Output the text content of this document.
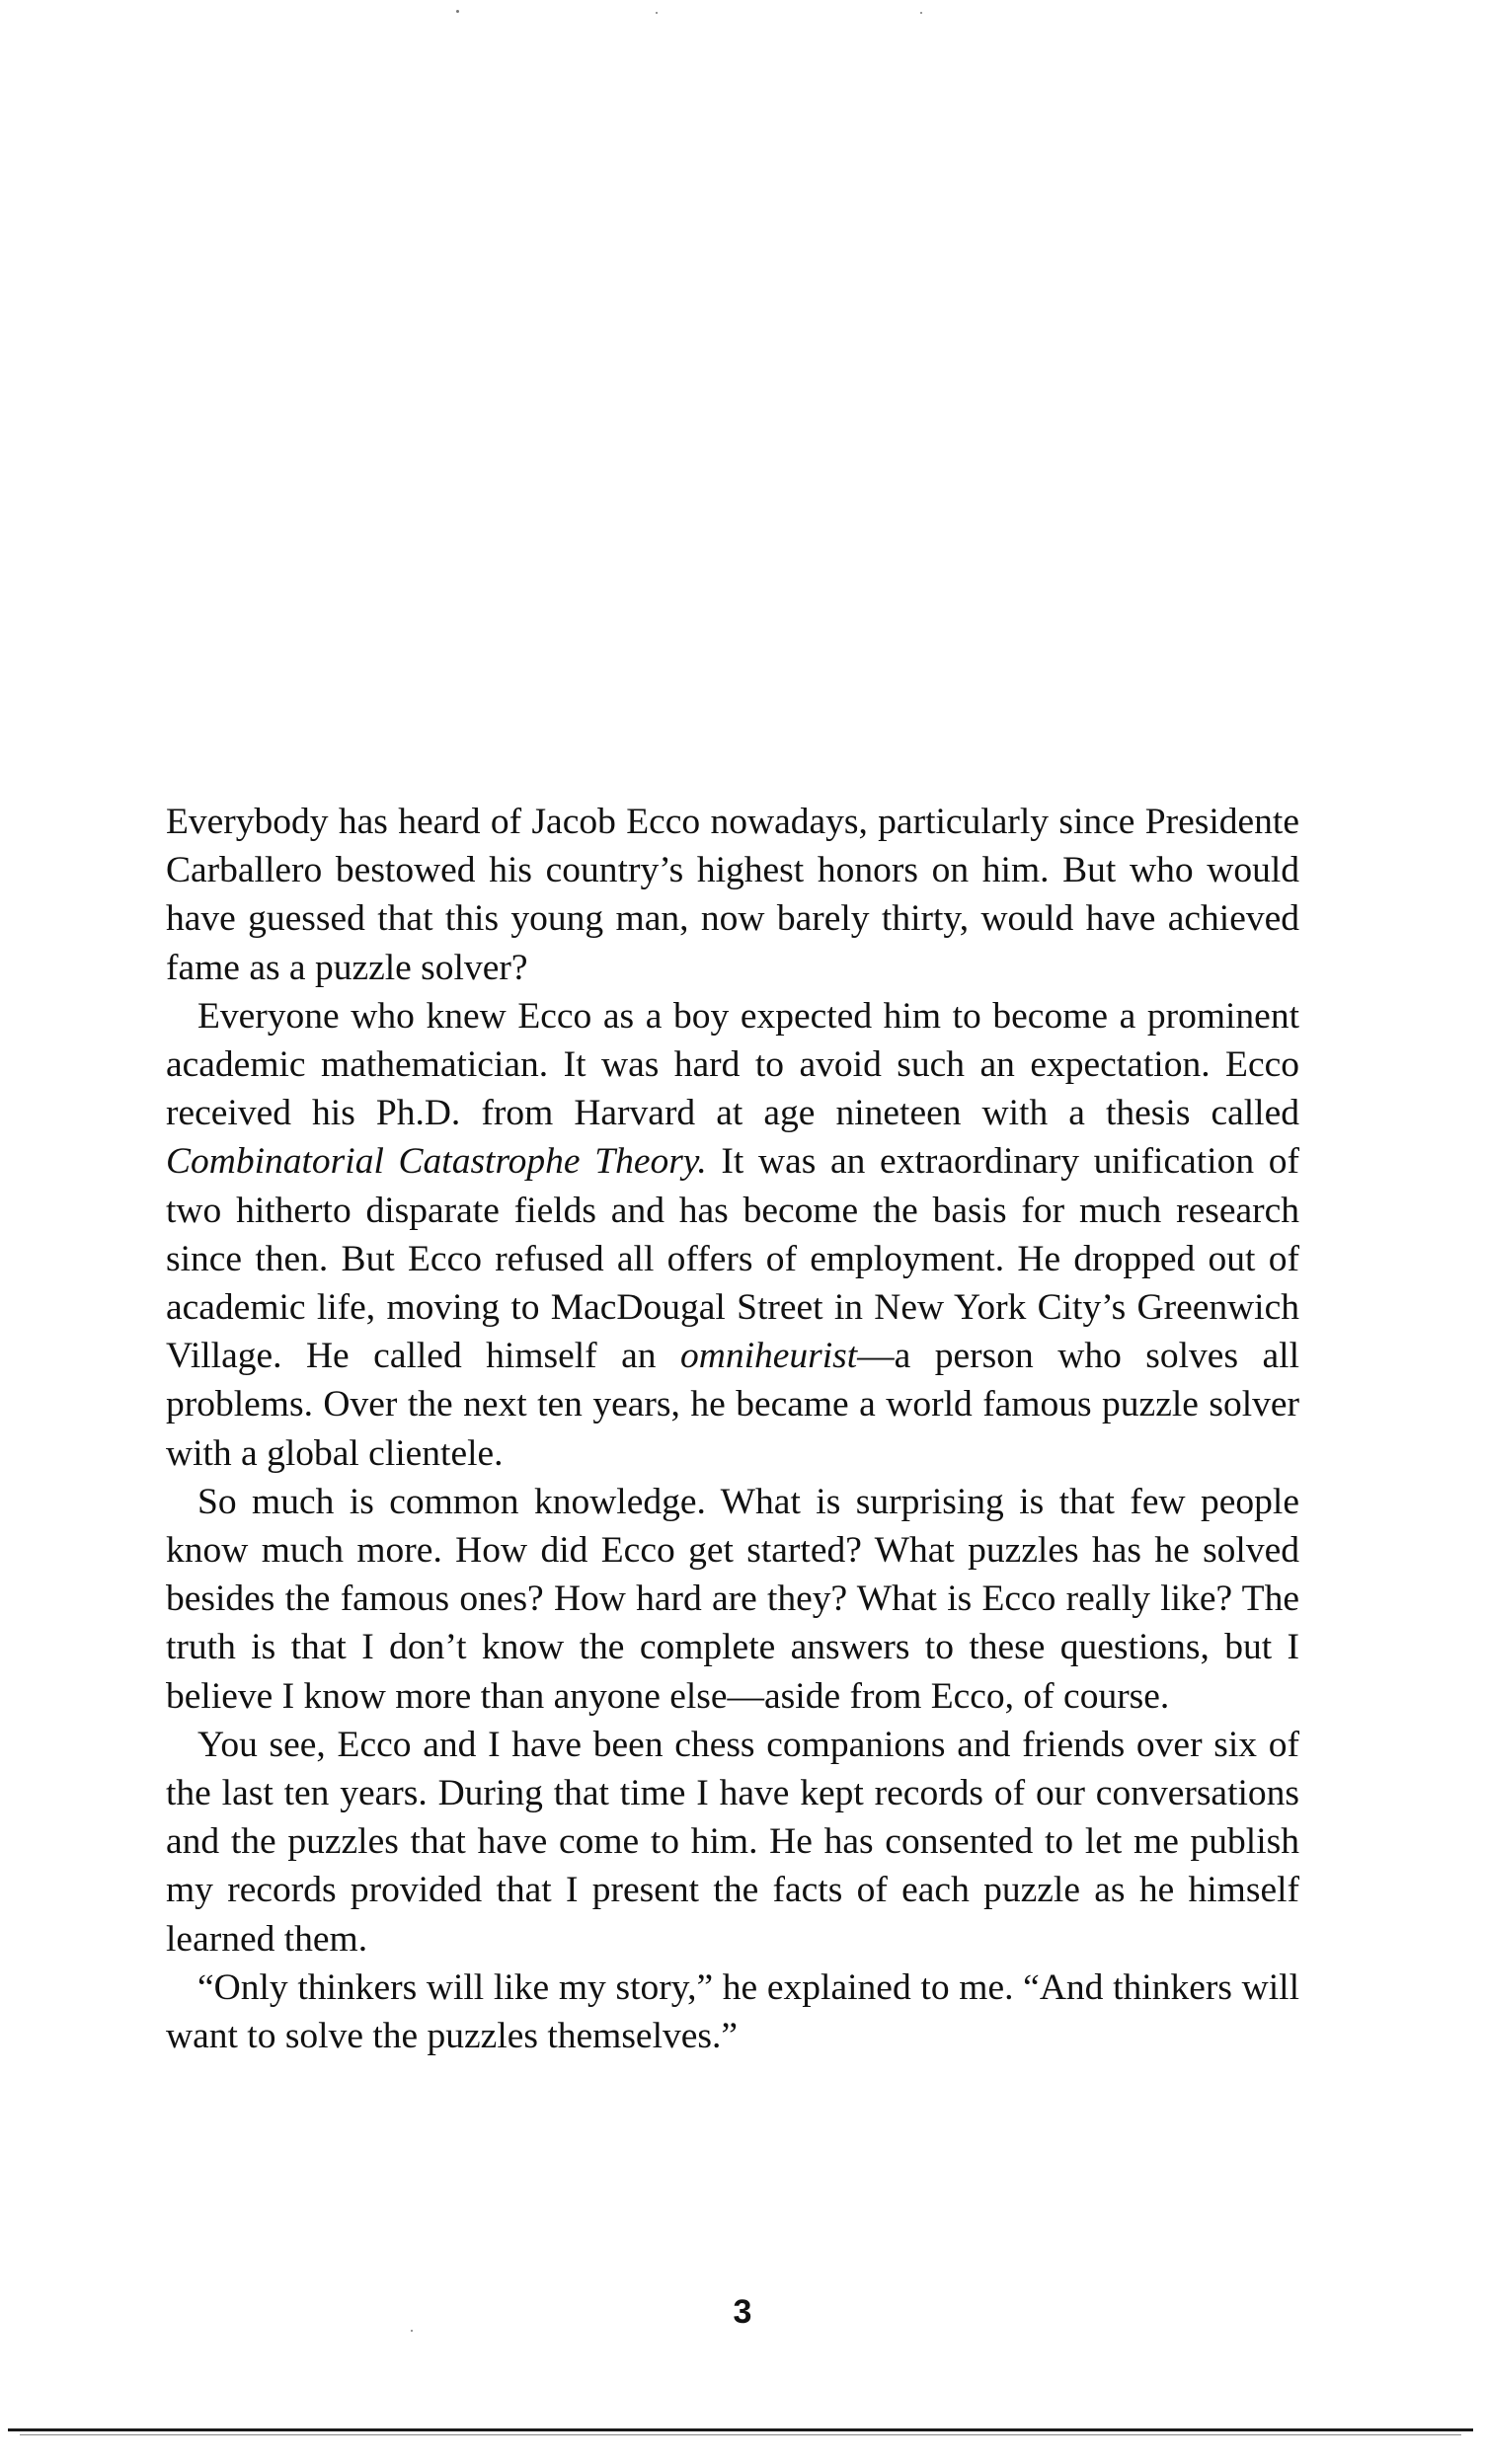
Everybody has heard of Jacob Ecco nowadays, particularly since Presidente Carballero bestowed his country’s highest honors on him. But who would have guessed that this young man, now barely thirty, would have achieved fame as a puzzle solver?

Everyone who knew Ecco as a boy expected him to become a prominent academic mathematician. It was hard to avoid such an expectation. Ecco received his Ph.D. from Harvard at age nineteen with a thesis called Combinatorial Catastrophe Theory. It was an extraordinary unification of two hitherto disparate fields and has become the basis for much research since then. But Ecco refused all offers of employment. He dropped out of academic life, moving to MacDougal Street in New York City’s Greenwich Village. He called himself an omniheurist—a person who solves all problems. Over the next ten years, he became a world famous puzzle solver with a global clientele.

So much is common knowledge. What is surprising is that few people know much more. How did Ecco get started? What puzzles has he solved besides the famous ones? How hard are they? What is Ecco really like? The truth is that I don’t know the complete answers to these questions, but I believe I know more than anyone else—aside from Ecco, of course.

You see, Ecco and I have been chess companions and friends over six of the last ten years. During that time I have kept records of our conversations and the puzzles that have come to him. He has consented to let me publish my records provided that I present the facts of each puzzle as he himself learned them.

“Only thinkers will like my story,” he explained to me. “And thinkers will want to solve the puzzles themselves.”

3
